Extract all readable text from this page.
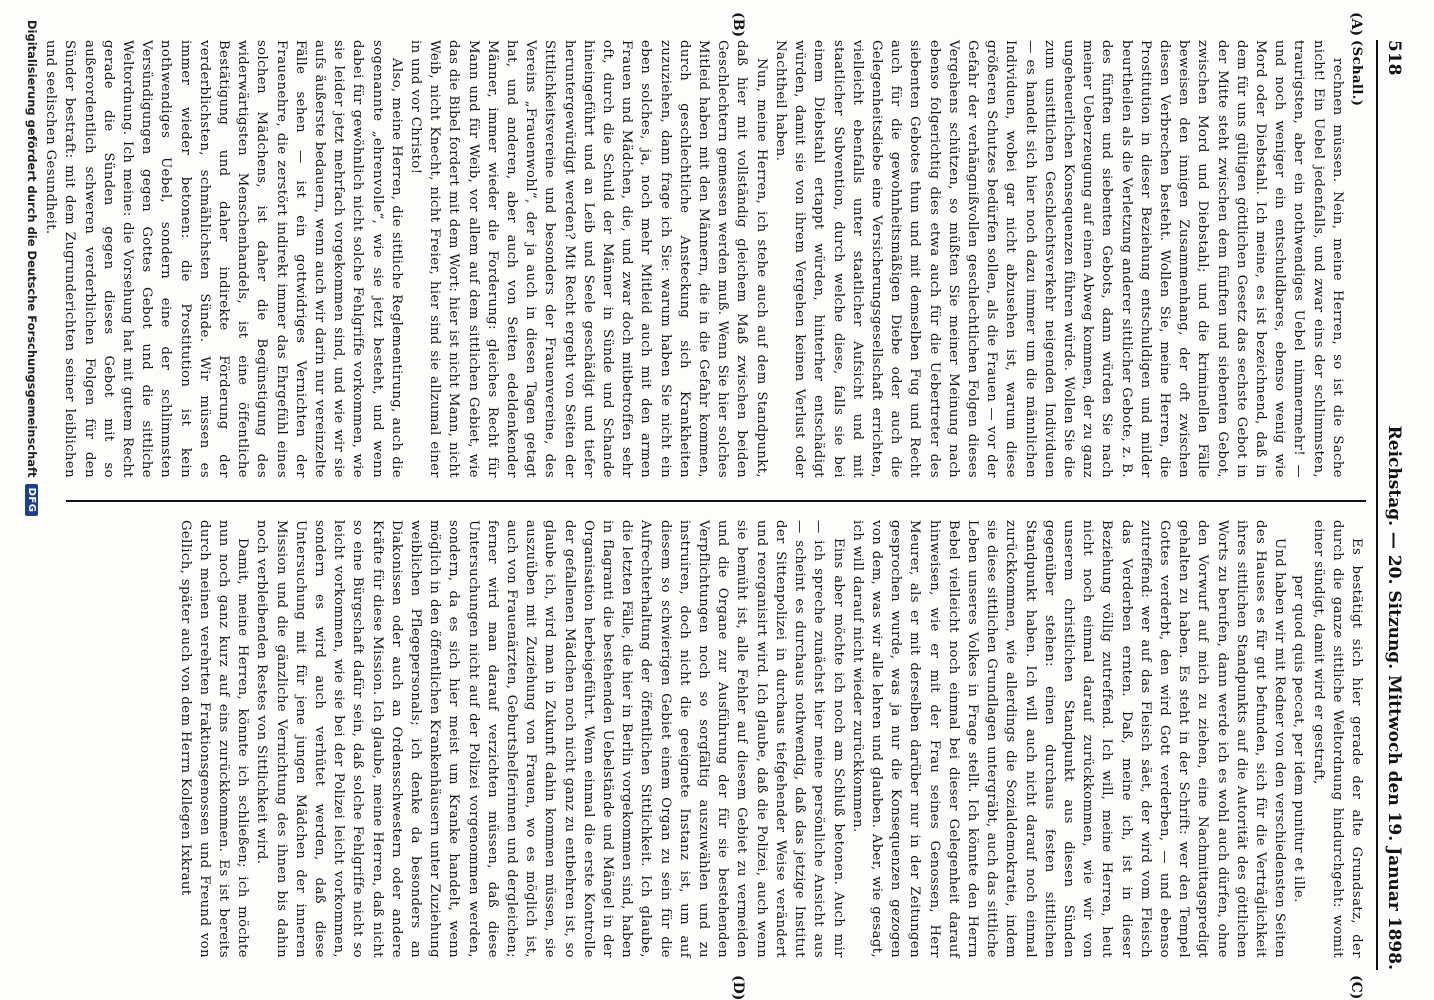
518
Reichstag. — 20. Sitzung. Mittwoch den 19. Januar 1898.
(A)
(B)
(C)
(D)

(Schall.)

rechnen müssen. Nein, meine Herren, so ist die Sache nicht! Ein Uebel jedenfalls, und zwar eins der schlimmsten, traurigsten, aber ein nothwendiges Uebel nimmermehr! — und noch weniger ein entschuldbares, ebenso wenig wie Mord oder Diebstahl. Ich meine, es ist bezeichnend, daß in dem für uns gültigen göttlichen Gesetz das sechste Gebot in der Mitte steht zwischen dem fünften und siebenten Gebot, zwischen Mord und Diebstahl; und die kriminellen Fälle beweisen den innigen Zusammenhang, der oft zwischen diesen Verbrechen besteht. Wollen Sie, meine Herren, die Prostitution in dieser Beziehung entschuldigen und milder beurtheilen als die Verletzung anderer sittlicher Gebote, z. B. des fünften und siebenten Gebots, dann würden Sie nach meiner Ueberzeugung auf einen Abweg kommen, der zu ganz ungeheuerlichen Konsequenzen führen würde. Wollen Sie die zum unsittlichen Geschlechtsverkehr neigenden Individuen — es handelt sich hier noch dazu immer um die männlichen Individuen, wobei gar nicht abzusehen ist, warum diese größeren Schutzes bedürfen sollen, als die Frauen — vor der Gefahr der verhängnißvollen geschlechtlichen Folgen dieses Vergehens schützen, so müßten Sie meiner Meinung nach ebenso folgerichtig dies etwa auch für die Uebertreter des siebenten Gebotes thun und mit demselben Fug und Recht auch für die gewohnheitsmäßigen Diebe oder auch die Gelegenheitsdiebe eine Versicherungsgesellschaft errichten, vielleicht ebenfalls unter staatlicher Aufsicht und mit staatlicher Subvention, durch welche diese, falls sie bei einem Diebstahl ertappt würden, hinterher entschädigt würden, damit sie von ihrem Vergehen keinen Verlust oder Nachtheil haben.

Nun, meine Herren, ich stehe auch auf dem Standpunkt, daß hier mit vollständig gleichem Maß zwischen beiden Geschlechtern gemessen werden muß. Wenn Sie hier solches Mitleid haben mit den Männern, die in die Gefahr kommen, durch geschlechtliche Ansteckung sich Krankheiten zuzuziehen, dann frage ich Sie: warum haben Sie nicht ein eben solches, ja, noch mehr Mitleid auch mit den armen Frauen und Mädchen, die, und zwar doch mitbetroffen sehr oft, durch die Schuld der Männer in Sünde und Schande hineingeführt und an Leib und Seele geschädigt und tiefer heruntergewürdigt werden? Mit Recht ergeht von Seiten der Sittlichkeitsvereine und besonders der Frauenvereine, des Vereins „Frauenwohl“, der ja auch in diesen Tagen getagt hat, und anderen, aber auch von Seiten edeldenkender Männer, immer wieder die Forderung: gleiches Recht für Mann und für Weib, vor allem auf dem sittlichen Gebiet, wie das die Bibel fordert mit dem Wort: hier ist nicht Mann, nicht Weib, nicht Knecht, nicht Freier, hier sind sie allzumal einer in und vor Christo!

Also, meine Herren, die sittliche Reglementirung, auch die sogenannte „ehrenvolle“, wie sie jetzt besteht, und wenn dabei für gewöhnlich nicht solche Fehlgriffe vorkommen, wie sie leider jetzt mehrfach vorgekommen sind, und wie wir sie aufs äußerste bedauern, wenn auch wir darin nur vereinzelte Fälle sehen — ist ein gottwidriges Vernichten der Frauenehre, die zerstört indirekt immer das Ehrgefühl eines solchen Mädchens, ist daher die Begünstigung des widerwärtigsten Menschenhandels, ist eine öffentliche Bestätigung und daher indirekte Förderung der verderblichsten, schmählichsten Sünde. Wir müssen es immer wieder betonen: die Prostitution ist kein nothwendiges Uebel, sondern eine der schlimmsten Versündigungen gegen Gottes Gebot und die sittliche Weltordnung. Ich meine: die Vorsehung hat mit gutem Recht gerade die Sünden gegen dieses Gebot mit so außerordentlich schweren verderblichen Folgen für den Sünder bestraft: mit dem Zugrunderichten seiner leiblichen und seelischen Gesundheit.

Es bestätigt sich hier gerade der alte Grundsatz, der durch die ganze sittliche Weltordnung hindurchgeht: womit einer sündigt, damit wird er gestraft,

per quod quis peccat, per idem punitur et ille.

Und haben wir mit Redner von den verschiedensten Seiten des Hauses es für gut befunden, sich für die Verträglichkeit ihres sittlichen Standpunkts auf die Autorität des göttlichen Worts zu berufen, dann werde ich es wohl auch dürfen, ohne den Vorwurf auf mich zu ziehen, eine Nachmittagspredigt gehalten zu haben. Es steht in der Schrift: wer den Tempel Gottes verderbt, den wird Gott verderben, — und ebenso zutreffend: wer auf das Fleisch säet, der wird vom Fleisch das Verderben ernten. Daß, meine ich, ist in dieser Beziehung völlig zutreffend. Ich will, meine Herren, heut nicht noch einmal darauf zurückkommen, wie wir von unserem christlichen Standpunkt aus diesen Sünden gegenüber stehen: einen durchaus festen sittlichen Standpunkt haben. Ich will auch nicht darauf noch einmal zurückkommen, wie allerdings die Sozialdemokratie, indem sie diese sittlichen Grundlagen untergräbt, auch das sittliche Leben unseres Volkes in Frage stellt. Ich könnte den Herrn Bebel vielleicht noch einmal bei dieser Gelegenheit darauf hinweisen, wie er mit der Frau seines Genossen, Herr Meurer, als er mit derselben darüber nur in der Zeitungen gesprochen wurde, was ja nur die Konsequenzen gezogen von dem, was wir alle lehren und glauben. Aber, wie gesagt, ich will darauf nicht wieder zurückkommen.

Eins aber möchte ich noch am Schluß betonen. Auch mir — ich spreche zunächst hier meine persönliche Ansicht aus — scheint es durchaus nothwendig, daß das jetzige Institut der Sittenpolizei in durchaus tiefgehender Weise verändert und reorganisirt wird. Ich glaube, daß die Polizei, auch wenn sie bemüht ist, alle Fehler auf diesem Gebiet zu vermeiden und die Organe zur Ausführung der für sie bestehenden Verpflichtungen noch so sorgfältig auszuwählen und zu instruiren, doch nicht die geeignete Instanz ist, um auf diesem so schwierigen Gebiet einem Organ zu sein für die Aufrechterhaltung der öffentlichen Sittlichkeit. Ich glaube, die letzten Fälle, die hier in Berlin vorgekommen sind, haben in flagranti die bestehenden Uebelstände und Mängel in der Organisation herbeigeführt. Wenn einmal die erste Kontrolle der gefallenen Mädchen noch nicht ganz zu entbehren ist, so glaube ich, wird man in Zukunft dahin kommen müssen, sie auszuüben mit Zuziehung von Frauen, wo es möglich ist, auch von Frauenärzten, Geburtshelferinnen und dergleichen; ferner wird man darauf verzichten müssen, daß diese Untersuchungen nicht auf der Polizei vorgenommen werden, sondern, da es sich hier meist um Kranke handelt, wenn möglich in den öffentlichen Krankenhäusern unter Zuziehung weiblichen Pflegepersonals; ich denke da besonders an Diakonissen oder auch an Ordensschwestern oder andere Kräfte für diese Mission. Ich glaube, meine Herren, daß nicht so eine Bürgschaft dafür sein, daß solche Fehlgriffe nicht so leicht vorkommen, wie sie bei der Polizei leicht vorkommen, sondern es wird auch verhütet werden, daß diese Untersuchung mit für jene jungen Mädchen der inneren Mission und die gänzliche Vernichtung des ihnen bis dahin noch verbleibenden Restes von Sittlichkeit wird.

Damit, meine Herren, könnte ich schließen; ich möchte nun noch ganz kurz auf eins zurückkommen. Es ist bereits durch meinen verehrten Fraktionsgenossen und Freund von Gellich, später auch von dem Herrn Kollegen Ixkraut

Digitalisierung gefördert durch die Deutsche Forschungsgemeinschaft
DFG
